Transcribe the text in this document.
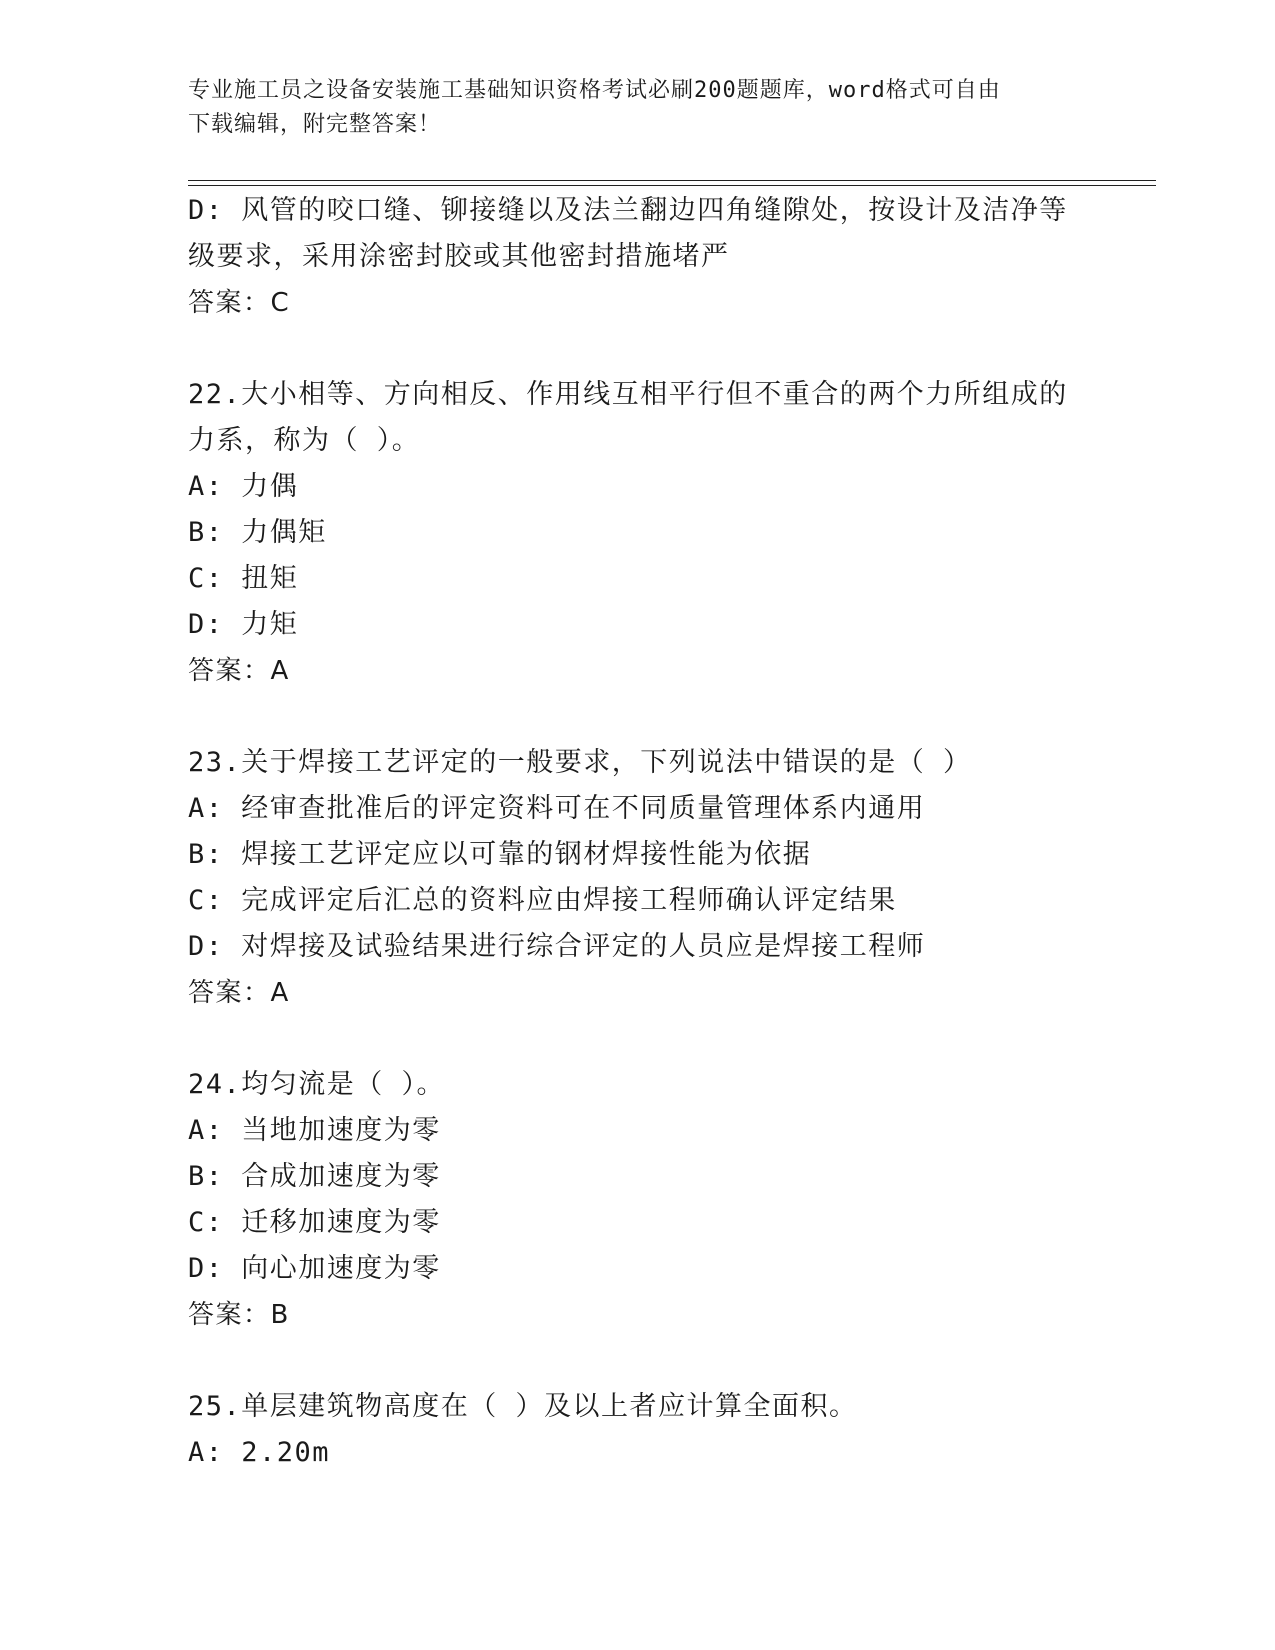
专业施工员之设备安装施工基础知识资格考试必刷200题题库，word格式可自由
下载编辑，附完整答案！
D: 风管的咬口缝、铆接缝以及法兰翻边四角缝隙处，按设计及洁净等
级要求，采用涂密封胶或其他密封措施堵严
答案：C
22.大小相等、方向相反、作用线互相平行但不重合的两个力所组成的
力系，称为（ ）。
A: 力偶
B: 力偶矩
C: 扭矩
D: 力矩
答案：A
23.关于焊接工艺评定的一般要求，下列说法中错误的是（ ）
A: 经审查批准后的评定资料可在不同质量管理体系内通用
B: 焊接工艺评定应以可靠的钢材焊接性能为依据
C: 完成评定后汇总的资料应由焊接工程师确认评定结果
D: 对焊接及试验结果进行综合评定的人员应是焊接工程师
答案：A
24.均匀流是（ ）。
A: 当地加速度为零
B: 合成加速度为零
C: 迁移加速度为零
D: 向心加速度为零
答案：B
25.单层建筑物高度在（ ）及以上者应计算全面积。
A: 2.20m
